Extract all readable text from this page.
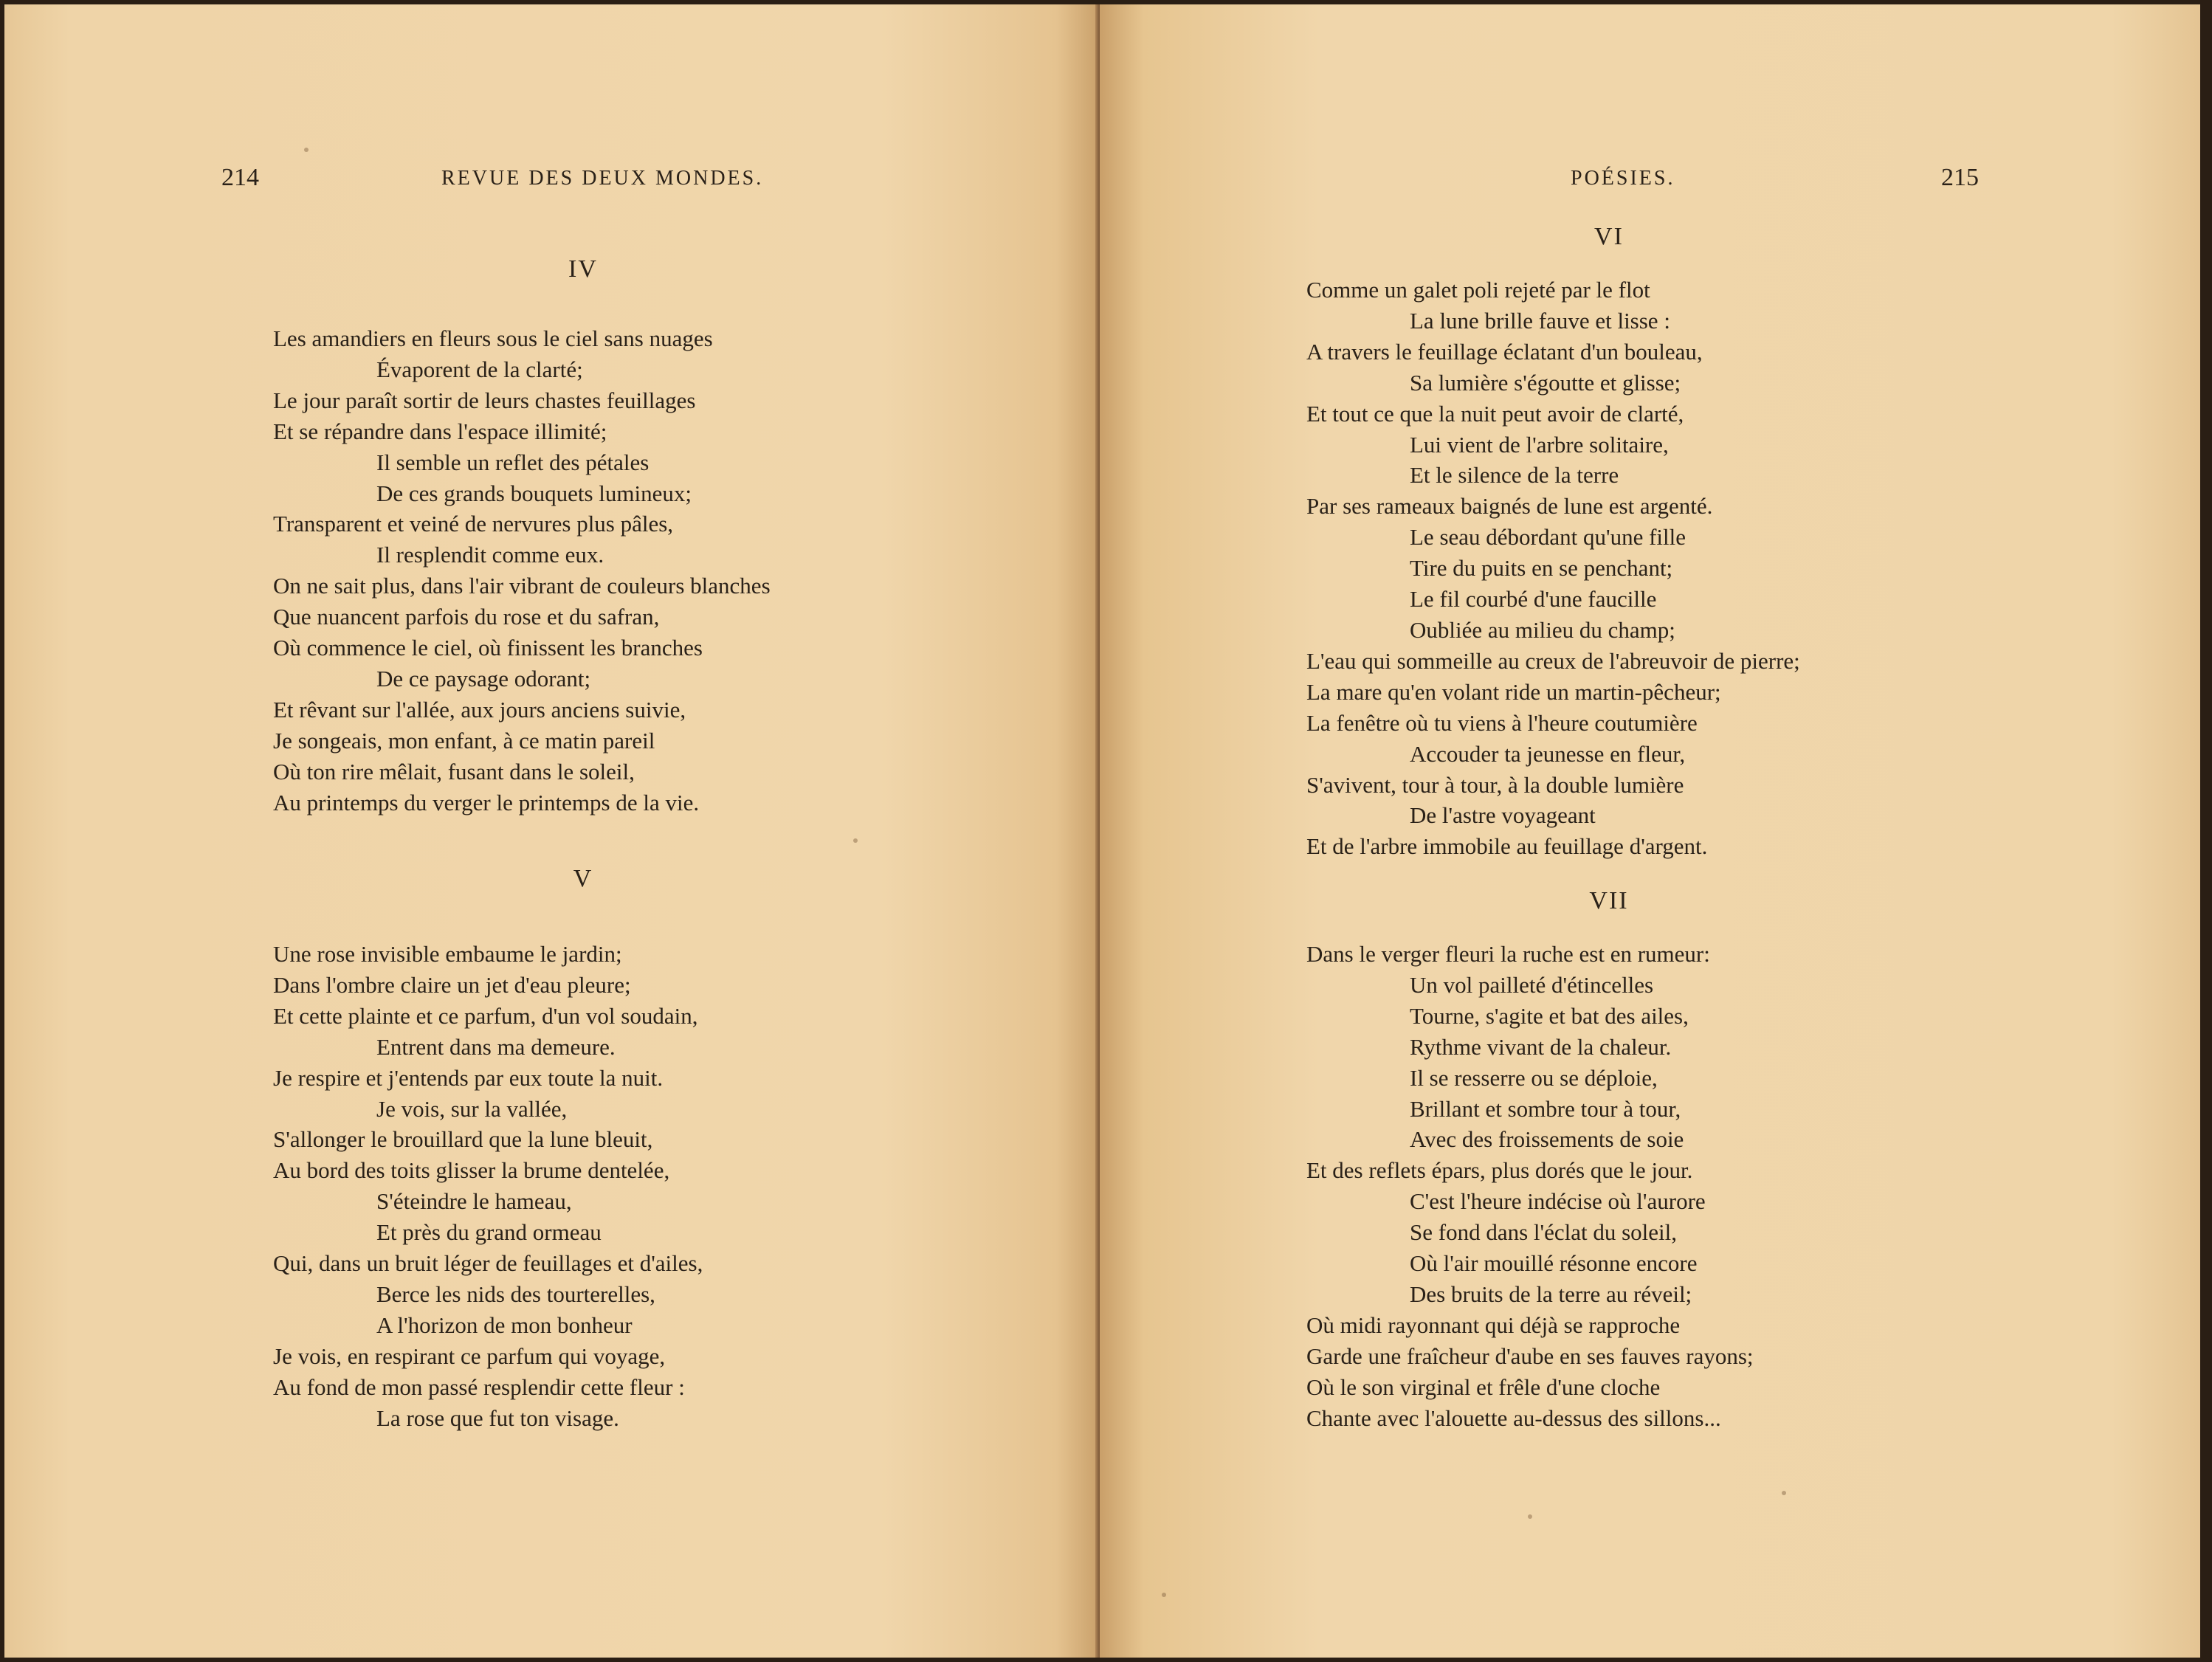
214	REVUE DES DEUX MONDES.
IV
Les amandiers en fleurs sous le ciel sans nuages
Évaporent de la clarté;
Le jour paraît sortir de leurs chastes feuillages
Et se répandre dans l'espace illimité;
Il semble un reflet des pétales
De ces grands bouquets lumineux;
Transparent et veiné de nervures plus pâles,
Il resplendit comme eux.
On ne sait plus, dans l'air vibrant de couleurs blanches
Que nuancent parfois du rose et du safran,
Où commence le ciel, où finissent les branches
De ce paysage odorant;
Et rêvant sur l'allée, aux jours anciens suivie,
Je songeais, mon enfant, à ce matin pareil
Où ton rire mêlait, fusant dans le soleil,
Au printemps du verger le printemps de la vie.
V
Une rose invisible embaume le jardin;
Dans l'ombre claire un jet d'eau pleure;
Et cette plainte et ce parfum, d'un vol soudain,
Entrent dans ma demeure.
Je respire et j'entends par eux toute la nuit.
Je vois, sur la vallée,
S'allonger le brouillard que la lune bleuit,
Au bord des toits glisser la brume dentelée,
S'éteindre le hameau,
Et près du grand ormeau
Qui, dans un bruit léger de feuillages et d'ailes,
Berce les nids des tourterelles,
A l'horizon de mon bonheur
Je vois, en respirant ce parfum qui voyage,
Au fond de mon passé resplendir cette fleur :
La rose que fut ton visage.
POÉSIES.	215
VI
Comme un galet poli rejeté par le flot
La lune brille fauve et lisse :
A travers le feuillage éclatant d'un bouleau,
Sa lumière s'égoutte et glisse;
Et tout ce que la nuit peut avoir de clarté,
Lui vient de l'arbre solitaire,
Et le silence de la terre
Par ses rameaux baignés de lune est argenté.
Le seau débordant qu'une fille
Tire du puits en se penchant;
Le fil courbé d'une faucille
Oubliée au milieu du champ;
L'eau qui sommeille au creux de l'abreuvoir de pierre;
La mare qu'en volant ride un martin-pêcheur;
La fenêtre où tu viens à l'heure coutumière
Accouder ta jeunesse en fleur,
S'avivent, tour à tour, à la double lumière
De l'astre voyageant
Et de l'arbre immobile au feuillage d'argent.
VII
Dans le verger fleuri la ruche est en rumeur:
Un vol pailleté d'étincelles
Tourne, s'agite et bat des ailes,
Rythme vivant de la chaleur.
Il se resserre ou se déploie,
Brillant et sombre tour à tour,
Avec des froissements de soie
Et des reflets épars, plus dorés que le jour.
C'est l'heure indécise où l'aurore
Se fond dans l'éclat du soleil,
Où l'air mouillé résonne encore
Des bruits de la terre au réveil;
Où midi rayonnant qui déjà se rapproche
Garde une fraîcheur d'aube en ses fauves rayons;
Où le son virginal et frêle d'une cloche
Chante avec l'alouette au-dessus des sillons...
